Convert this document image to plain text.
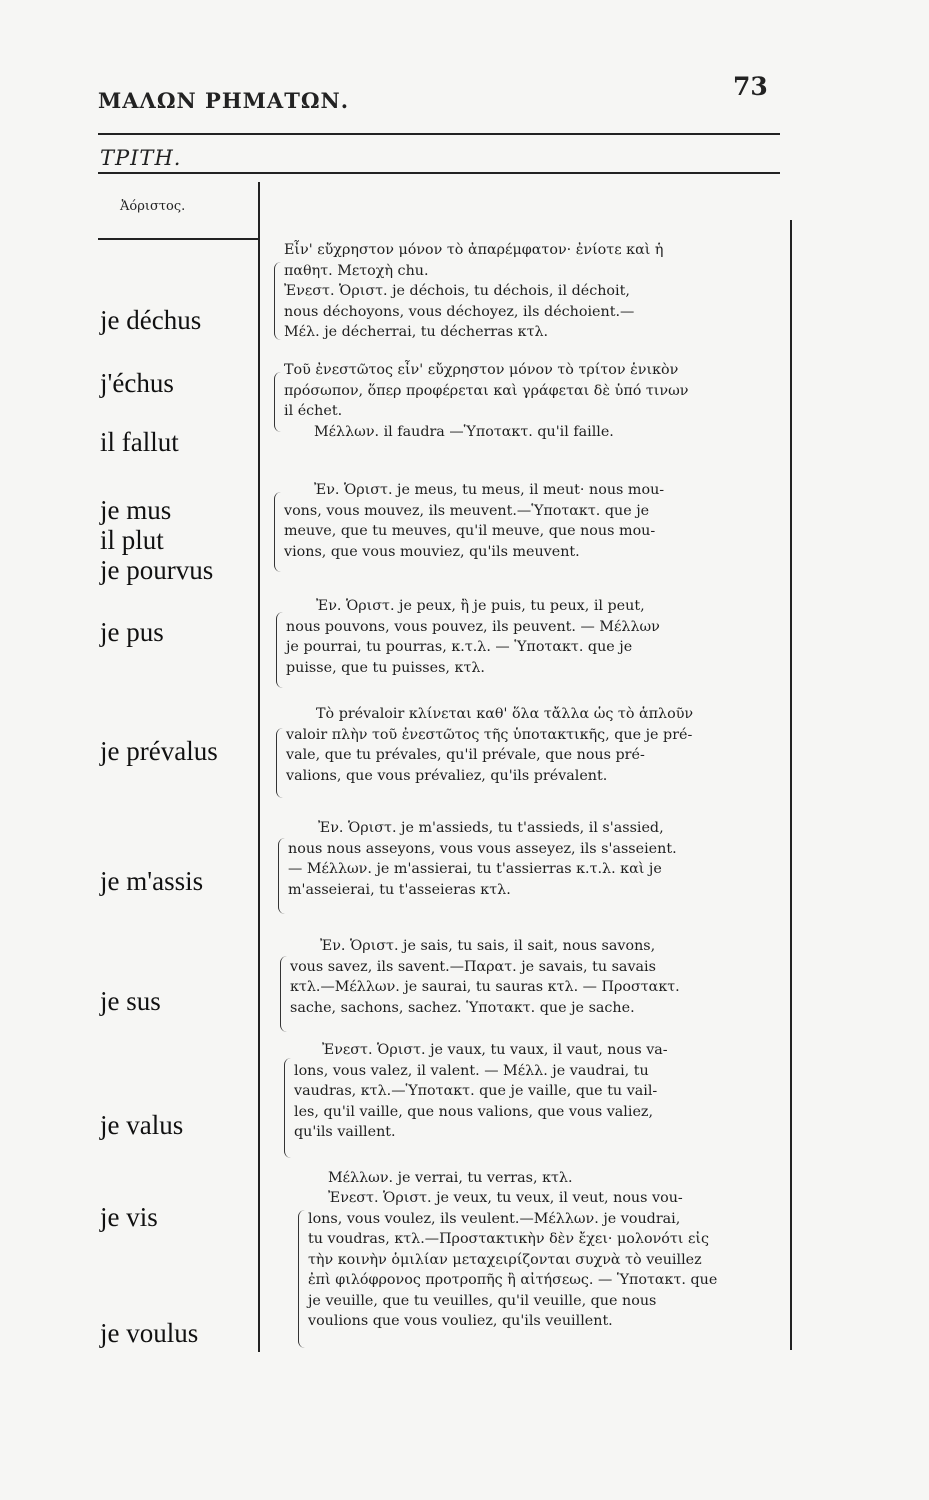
ΜΑΛΩΝ ΡΗΜΑΤΩΝ.	73
ΤΡΙΤΗ.
Ἀόριστος.
je déchus
j'échus
il fallut
je mus
il plut
je pourvus
je pus
je prévalus
je m'assis
je sus
je valus
je vis
je voulus

Εἶν' εὔχρηστον μόνον τὸ ἀπαρέμφατον· ἐνίοτε καὶ ἡ

παθητ. Μετοχὴ chu.

Ἐνεστ. Ὁριστ. je déchois, tu déchois, il déchoit,

nous déchoyons, vous déchoyez, ils déchoient.—

Μέλ. je décherrai, tu décherras κτλ.

Τοῦ ἐνεστῶτος εἶν' εὔχρηστον μόνον τὸ τρίτον ἑνικὸν

πρόσωπον, ὅπερ προφέρεται καὶ γράφεται δὲ ὑπό τινων

il échet.

Μέλλων. il faudra —Ὑποτακτ. qu'il faille.

Ἐν. Ὁριστ. je meus, tu meus, il meut· nous mou-

vons, vous mouvez, ils meuvent.—Ὑποτακτ. que je

meuve, que tu meuves, qu'il meuve, que nous mou-

vions, que vous mouviez, qu'ils meuvent.

Ἐν. Ὁριστ. je peux, ἢ je puis, tu peux, il peut,

nous pouvons, vous pouvez, ils peuvent. — Μέλλων

je pourrai, tu pourras, κ.τ.λ. — Ὑποτακτ. que je

puisse, que tu puisses, κτλ.

Τὸ prévaloir κλίνεται καθ' ὅλα τἄλλα ὡς τὸ ἁπλοῦν

valoir πλὴν τοῦ ἐνεστῶτος τῆς ὑποτακτικῆς, que je pré-

vale, que tu prévales, qu'il prévale, que nous pré-

valions, que vous prévaliez, qu'ils prévalent.

Ἐν. Ὁριστ. je m'assieds, tu t'assieds, il s'assied,

nous nous asseyons, vous vous asseyez, ils s'asseient.

— Μέλλων. je m'assierai, tu t'assierras κ.τ.λ. καὶ je

m'asseierai, tu t'asseieras κτλ.

Ἐν. Ὁριστ. je sais, tu sais, il sait, nous savons,

vous savez, ils savent.—Παρατ. je savais, tu savais

κτλ.—Μέλλων. je saurai, tu sauras κτλ. — Προστακτ.

sache, sachons, sachez. Ὑποτακτ. que je sache.

Ἐνεστ. Ὁριστ. je vaux, tu vaux, il vaut, nous va-

lons, vous valez, il valent. — Μέλλ. je vaudrai, tu

vaudras, κτλ.—Ὑποτακτ. que je vaille, que tu vail-

les, qu'il vaille, que nous valions, que vous valiez,

qu'ils vaillent.

Μέλλων. je verrai, tu verras, κτλ.

Ἐνεστ. Ὁριστ. je veux, tu veux, il veut, nous vou-

lons, vous voulez, ils veulent.—Μέλλων. je voudrai,

tu voudras, κτλ.—Προστακτικὴν δὲν ἔχει· μολονότι εἰς

τὴν κοινὴν ὁμιλίαν μεταχειρίζονται συχνὰ τὸ veuillez

ἐπὶ φιλόφρονος προτροπῆς ἢ αἰτήσεως. — Ὑποτακτ. que

je veuille, que tu veuilles, qu'il veuille, que nous

voulions que vous vouliez, qu'ils veuillent.
